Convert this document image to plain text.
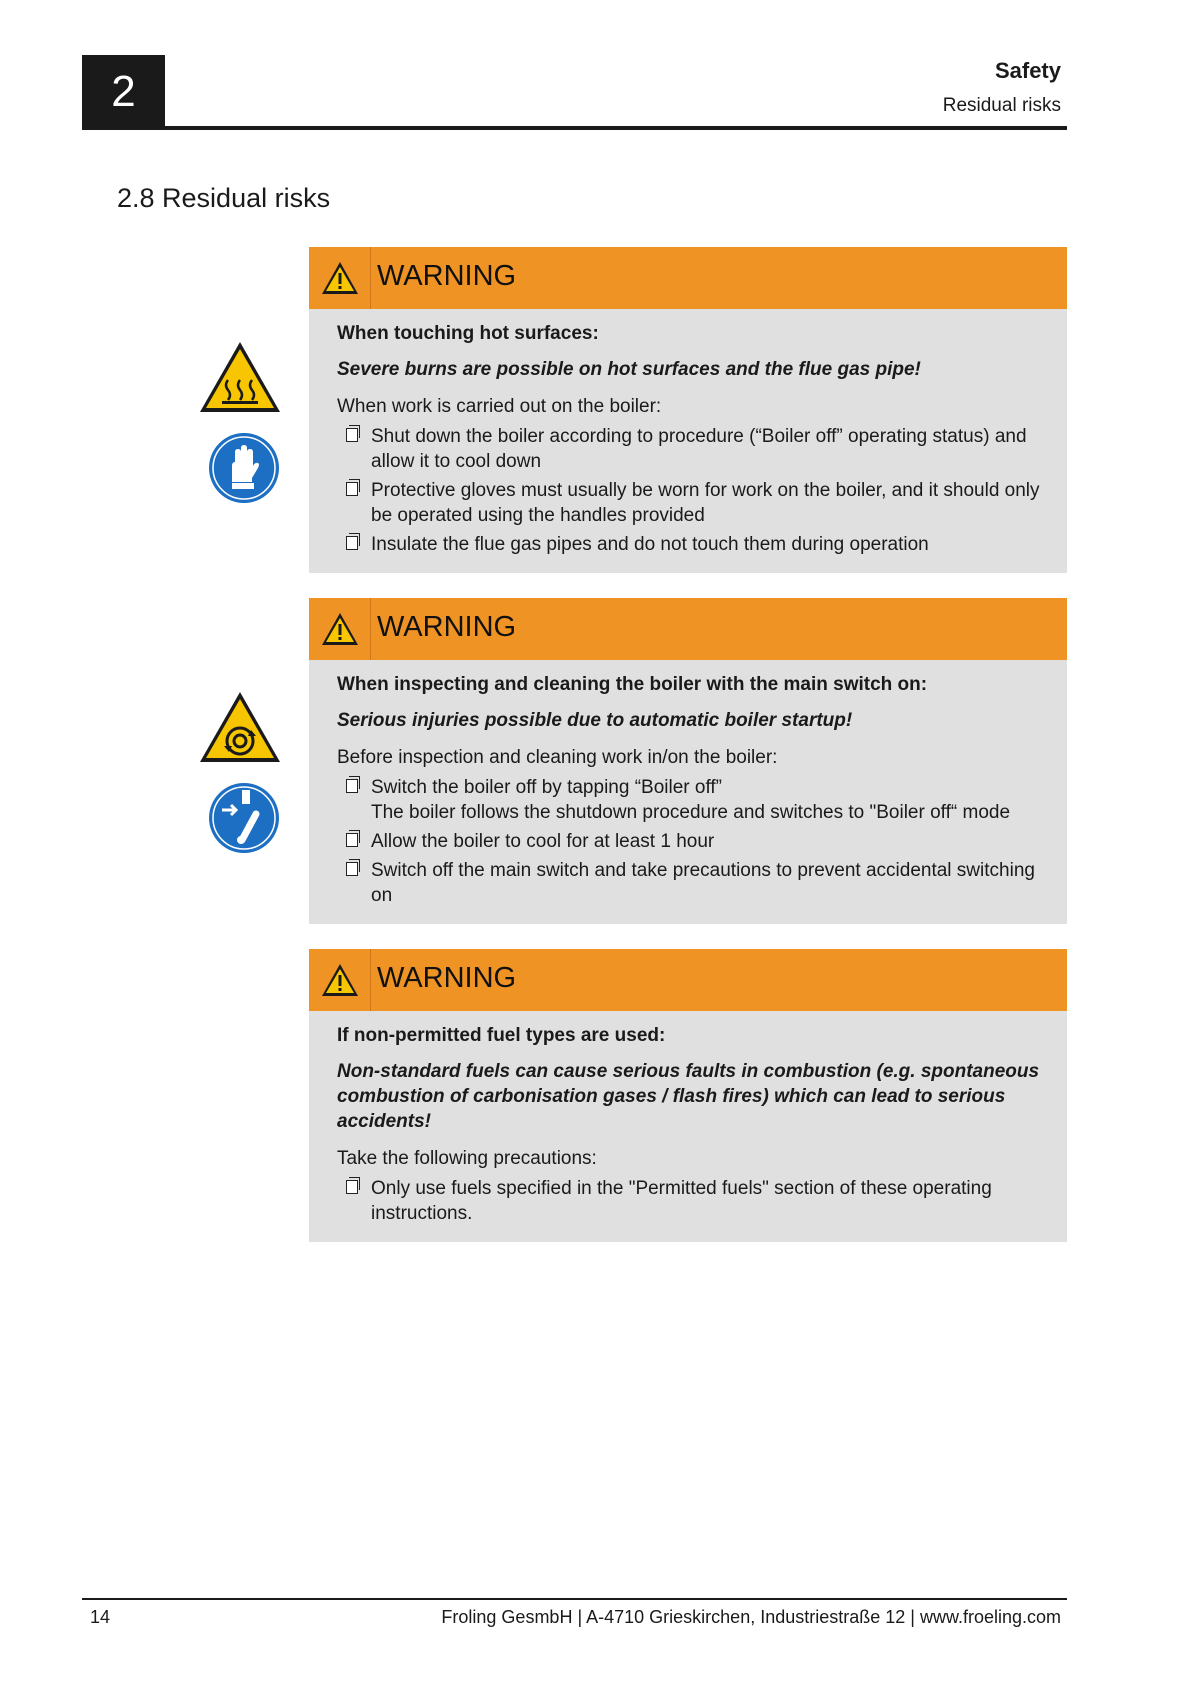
2	Safety
Residual risks
2.8 Residual risks
WARNING

When touching hot surfaces:

Severe burns are possible on hot surfaces and the flue gas pipe!

When work is carried out on the boiler:

Shut down the boiler according to procedure (“Boiler off” operating status) and allow it to cool down
Protective gloves must usually be worn for work on the boiler, and it should only be operated using the handles provided
Insulate the flue gas pipes and do not touch them during operation
WARNING

When inspecting and cleaning the boiler with the main switch on:

Serious injuries possible due to automatic boiler startup!

Before inspection and cleaning work in/on the boiler:

Switch the boiler off by tapping “Boiler off”
The boiler follows the shutdown procedure and switches to "Boiler off“ mode
Allow the boiler to cool for at least 1 hour
Switch off the main switch and take precautions to prevent accidental switching on
WARNING

If non-permitted fuel types are used:

Non-standard fuels can cause serious faults in combustion (e.g. spontaneous combustion of carbonisation gases / flash fires) which can lead to serious accidents!

Take the following precautions:

Only use fuels specified in the "Permitted fuels" section of these operating instructions.
14	Froling GesmbH | A-4710 Grieskirchen, Industriestraße 12 | www.froeling.com
